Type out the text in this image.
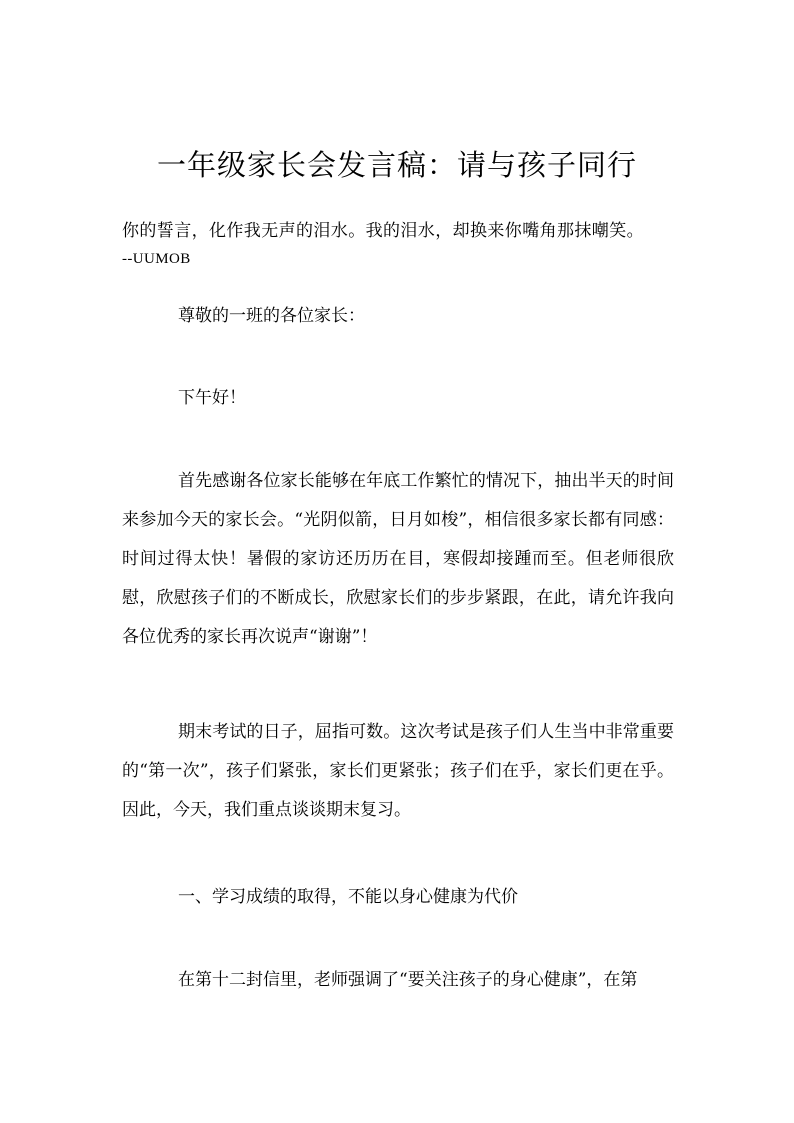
一年级家长会发言稿：请与孩子同行
你的誓言，化作我无声的泪水。我的泪水，却换来你嘴角那抹嘲笑。
--UUMOB

尊敬的一班的各位家长：

下午好！

首先感谢各位家长能够在年底工作繁忙的情况下，抽出半天的时间来参加今天的家长会。“光阴似箭，日月如梭”，相信很多家长都有同感：时间过得太快！暑假的家访还历历在目，寒假却接踵而至。但老师很欣慰，欣慰孩子们的不断成长，欣慰家长们的步步紧跟，在此，请允许我向各位优秀的家长再次说声“谢谢”！

期末考试的日子，屈指可数。这次考试是孩子们人生当中非常重要的“第一次”，孩子们紧张，家长们更紧张；孩子们在乎，家长们更在乎。因此，今天，我们重点谈谈期末复习。

一、学习成绩的取得，不能以身心健康为代价

在第十二封信里，老师强调了“要关注孩子的身心健康”，在第
